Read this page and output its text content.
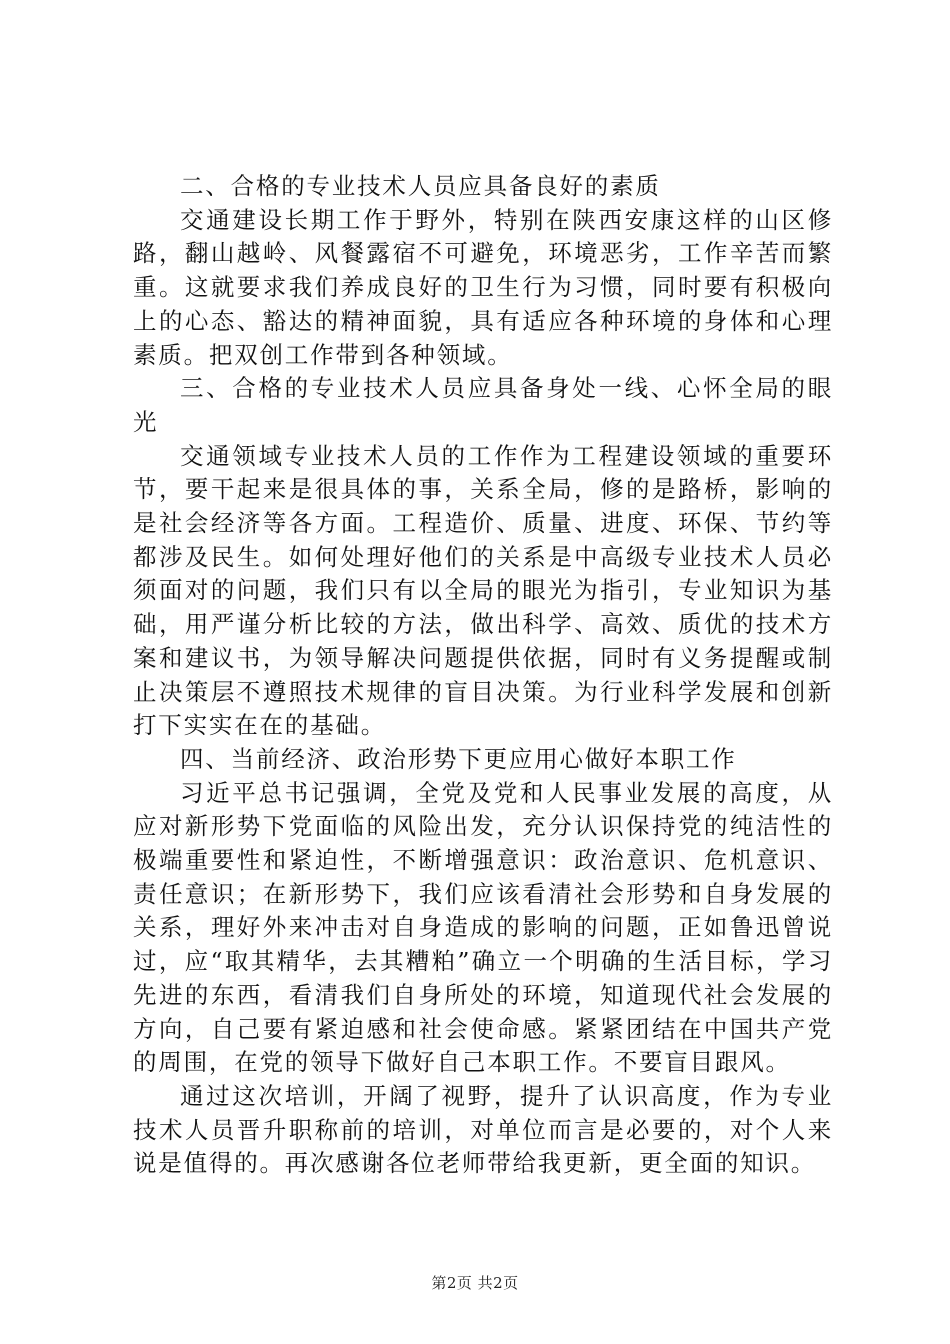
二、合格的专业技术人员应具备良好的素质

交通建设长期工作于野外，特别在陕西安康这样的山区修路，翻山越岭、风餐露宿不可避免，环境恶劣，工作辛苦而繁重。这就要求我们养成良好的卫生行为习惯，同时要有积极向上的心态、豁达的精神面貌，具有适应各种环境的身体和心理素质。把双创工作带到各种领域。

三、合格的专业技术人员应具备身处一线、心怀全局的眼光

交通领域专业技术人员的工作作为工程建设领域的重要环节，要干起来是很具体的事，关系全局，修的是路桥，影响的是社会经济等各方面。工程造价、质量、进度、环保、节约等都涉及民生。如何处理好他们的关系是中高级专业技术人员必须面对的问题，我们只有以全局的眼光为指引，专业知识为基础，用严谨分析比较的方法，做出科学、高效、质优的技术方案和建议书，为领导解决问题提供依据，同时有义务提醒或制止决策层不遵照技术规律的盲目决策。为行业科学发展和创新打下实实在在的基础。

四、当前经济、政治形势下更应用心做好本职工作

习近平总书记强调，全党及党和人民事业发展的高度，从应对新形势下党面临的风险出发，充分认识保持党的纯洁性的极端重要性和紧迫性，不断增强意识：政治意识、危机意识、责任意识；在新形势下，我们应该看清社会形势和自身发展的关系，理好外来冲击对自身造成的影响的问题，正如鲁迅曾说过，应“取其精华，去其糟粕”确立一个明确的生活目标，学习先进的东西，看清我们自身所处的环境，知道现代社会发展的方向，自己要有紧迫感和社会使命感。紧紧团结在中国共产党的周围，在党的领导下做好自己本职工作。不要盲目跟风。

通过这次培训，开阔了视野，提升了认识高度，作为专业技术人员晋升职称前的培训，对单位而言是必要的，对个人来说是值得的。再次感谢各位老师带给我更新，更全面的知识。

第2页 共2页
